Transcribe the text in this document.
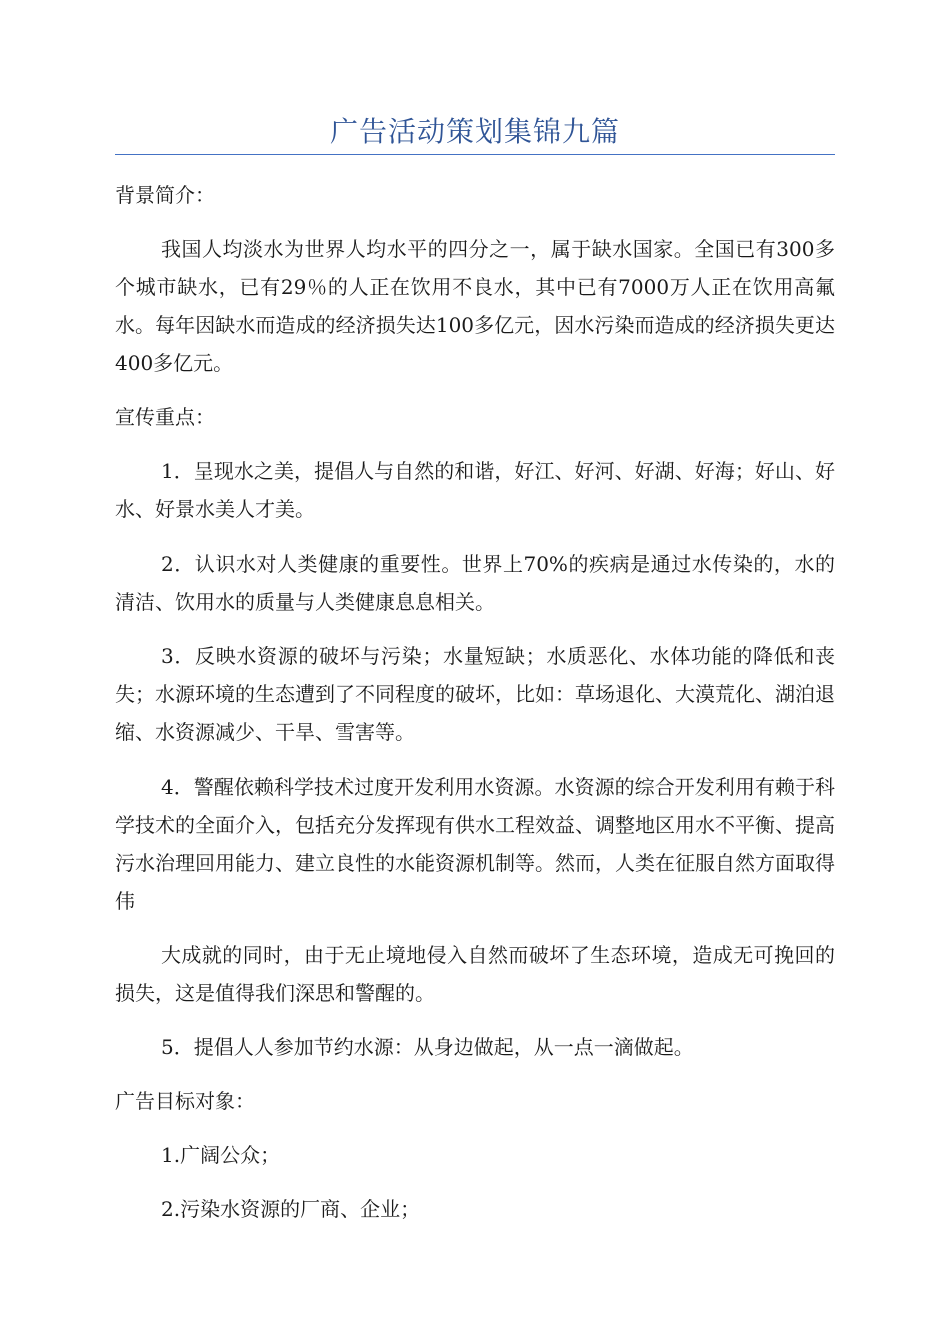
广告活动策划集锦九篇

背景简介：

我国人均淡水为世界人均水平的四分之一，属于缺水国家。全国已有300多个城市缺水，已有29％的人正在饮用不良水，其中已有7000万人正在饮用高氟水。每年因缺水而造成的经济损失达100多亿元，因水污染而造成的经济损失更达400多亿元。

宣传重点：

1．呈现水之美，提倡人与自然的和谐，好江、好河、好湖、好海；好山、好水、好景水美人才美。

2．认识水对人类健康的重要性。世界上70%的疾病是通过水传染的，水的清洁、饮用水的质量与人类健康息息相关。

3．反映水资源的破坏与污染；水量短缺；水质恶化、水体功能的降低和丧失；水源环境的生态遭到了不同程度的破坏，比如：草场退化、大漠荒化、湖泊退缩、水资源减少、干旱、雪害等。

4．警醒依赖科学技术过度开发利用水资源。水资源的综合开发利用有赖于科学技术的全面介入，包括充分发挥现有供水工程效益、调整地区用水不平衡、提高污水治理回用能力、建立良性的水能资源机制等。然而，人类在征服自然方面取得伟

大成就的同时，由于无止境地侵入自然而破坏了生态环境，造成无可挽回的损失，这是值得我们深思和警醒的。

5．提倡人人参加节约水源：从身边做起，从一点一滴做起。

广告目标对象：

1.广阔公众；

2.污染水资源的厂商、企业；
